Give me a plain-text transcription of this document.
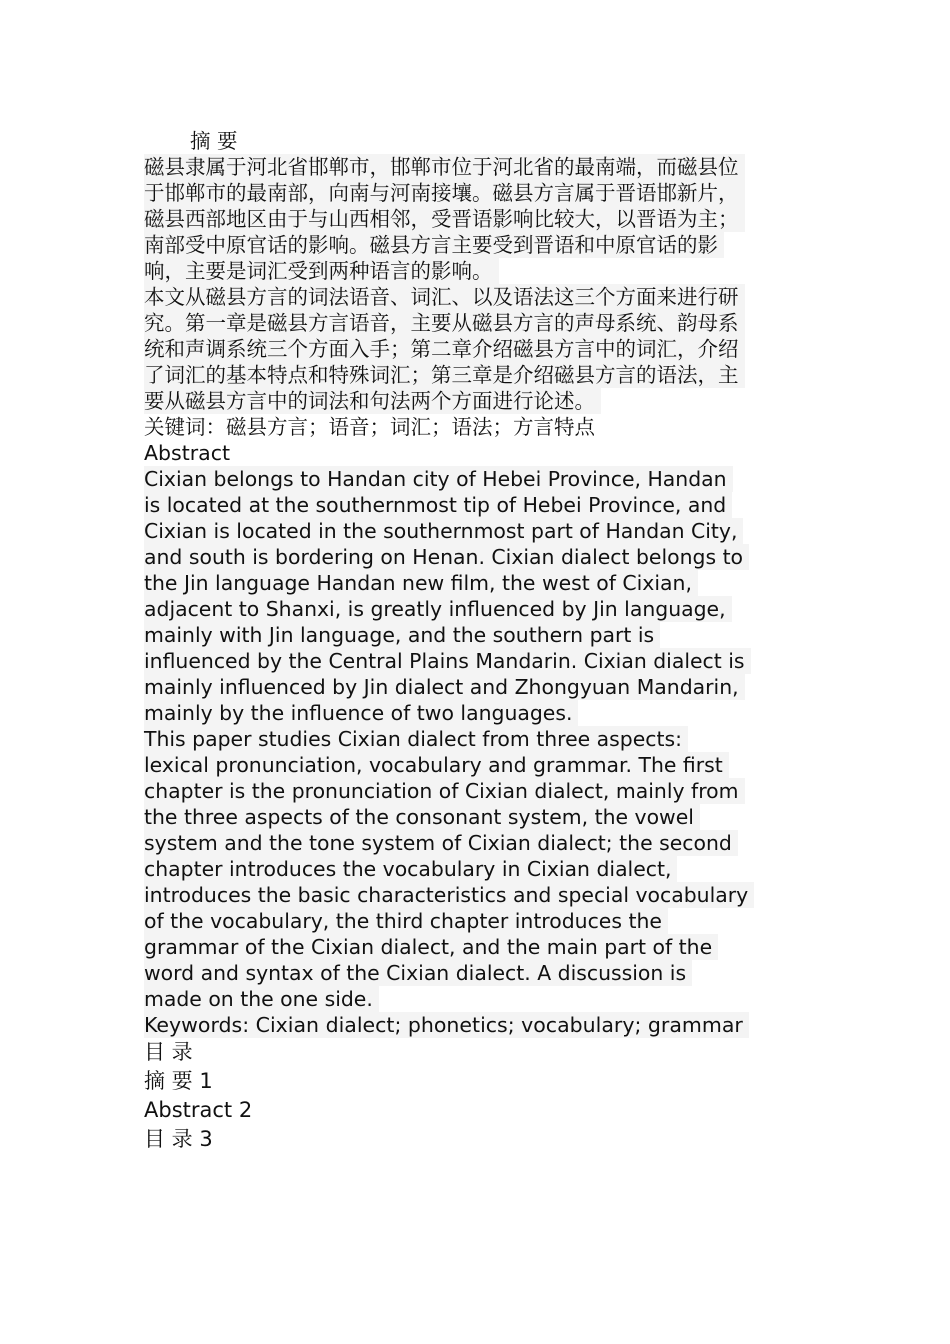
摘 要
磁县隶属于河北省邯郸市，邯郸市位于河北省的最南端，而磁县位
于邯郸市的最南部，向南与河南接壤。磁县方言属于晋语邯新片，
磁县西部地区由于与山西相邻，受晋语影响比较大，以晋语为主；
南部受中原官话的影响。磁县方言主要受到晋语和中原官话的影
响，主要是词汇受到两种语言的影响。
本文从磁县方言的词法语音、词汇、以及语法这三个方面来进行研
究。第一章是磁县方言语音，主要从磁县方言的声母系统、韵母系
统和声调系统三个方面入手；第二章介绍磁县方言中的词汇，介绍
了词汇的基本特点和特殊词汇；第三章是介绍磁县方言的语法，主
要从磁县方言中的词法和句法两个方面进行论述。
关键词：磁县方言；语音；词汇；语法；方言特点
Abstract
Cixian belongs to Handan city of Hebei Province, Handan
is located at the southernmost tip of Hebei Province, and
Cixian is located in the southernmost part of Handan City,
and south is bordering on Henan. Cixian dialect belongs to
the Jin language Handan new film, the west of Cixian,
adjacent to Shanxi, is greatly influenced by Jin language,
mainly with Jin language, and the southern part is
influenced by the Central Plains Mandarin. Cixian dialect is
mainly influenced by Jin dialect and Zhongyuan Mandarin,
mainly by the influence of two languages.
This paper studies Cixian dialect from three aspects:
lexical pronunciation, vocabulary and grammar. The first
chapter is the pronunciation of Cixian dialect, mainly from
the three aspects of the consonant system, the vowel
system and the tone system of Cixian dialect; the second
chapter introduces the vocabulary in Cixian dialect,
introduces the basic characteristics and special vocabulary
of the vocabulary, the third chapter introduces the
grammar of the Cixian dialect, and the main part of the
word and syntax of the Cixian dialect. A discussion is
made on the one side.
Keywords: Cixian dialect; phonetics; vocabulary; grammar
目 录
摘 要 1
Abstract 2
目 录 3
